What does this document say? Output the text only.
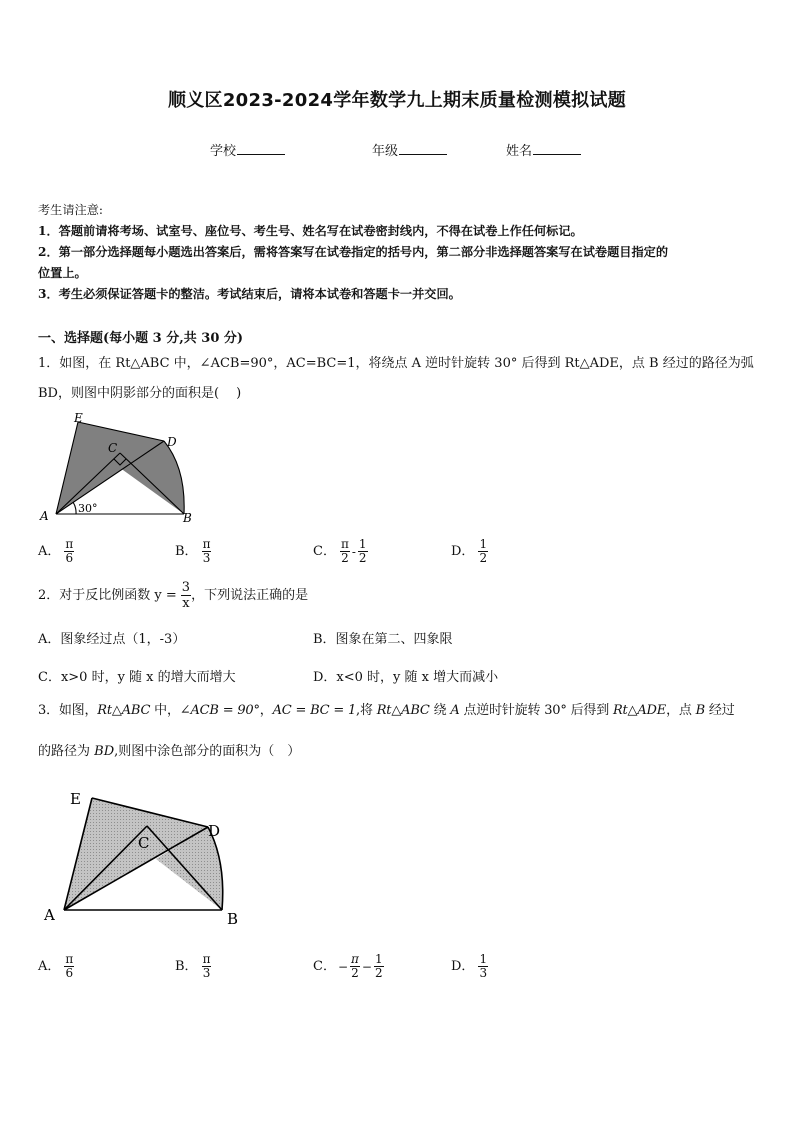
顺义区2023-2024学年数学九上期末质量检测模拟试题
学校	年级	姓名
考生请注意:
1．答题前请将考场、试室号、座位号、考生号、姓名写在试卷密封线内，不得在试卷上作任何标记。
2．第一部分选择题每小题选出答案后，需将答案写在试卷指定的括号内，第二部分非选择题答案写在试卷题目指定的
位置上。
3．考生必须保证答题卡的整洁。考试结束后，请将本试卷和答题卡一并交回。
一、选择题(每小题 3 分,共 30 分)
1．如图，在 Rt△ABC 中，∠ACB=90°，AC=BC=1，将绕点 A 逆时针旋转 30° 后得到 Rt△ADE，点 B 经过的路径为弧
BD，则图中阴影部分的面积是(　 )
E
C	D
A	B
30°
A． $\frac{\pi}{6}$	B． $\frac{\pi}{3}$	C． $\frac{\pi}{2} - \frac{1}{2}$	D． $\frac{1}{2}$
2．对于反比例函数 $y = \frac{3}{x}$ ，下列说法正确的是
A．图象经过点（1，-3）	B．图象在第二、四象限
C．x>0 时，y 随 x 的增大而增大	D．x<0 时，y 随 x 增大而减小
3．如图，Rt△ABC 中，∠ACB = 90°，AC = BC = 1,将 Rt△ABC 绕 A 点逆时针旋转 30° 后得到 Rt△ADE，点 B 经过
的路径为 BD,则图中涂色部分的面积为（　）
E
C
D
A	B
A． $\frac{\pi}{6}$	B． $\frac{\pi}{3}$	C． − $\frac{\pi}{2} - \frac{1}{2}$	D． $\frac{1}{3}$
